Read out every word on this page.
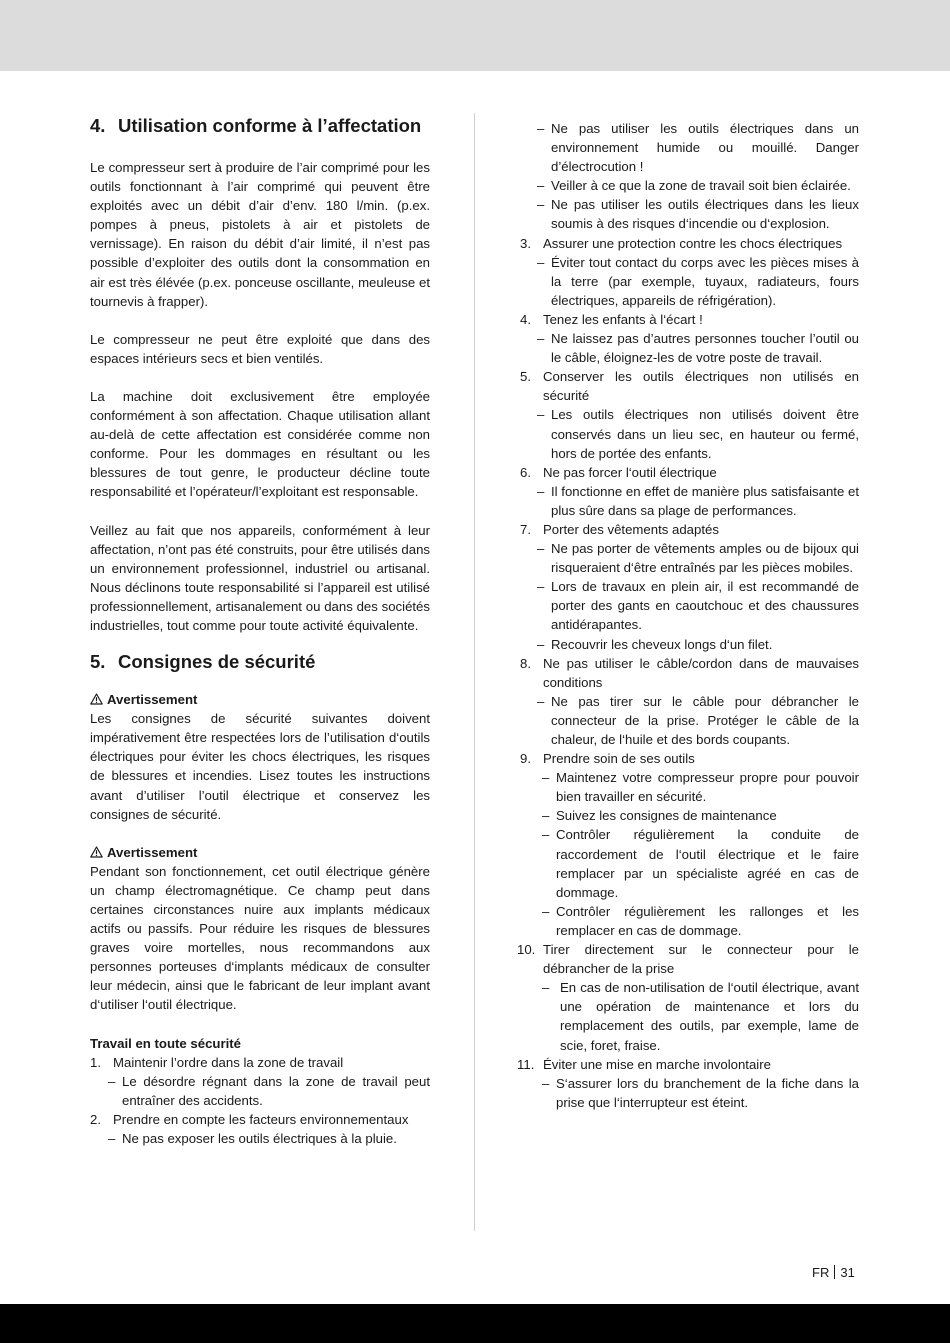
4. Utilisation conforme à l’affectation

Le compresseur sert à produire de l’air comprimé pour les outils fonctionnant à l’air comprimé qui peuvent être exploités avec un débit d’air d’env. 180 l/min. (p.ex. pompes à pneus, pistolets à air et pistolets de vernissage). En raison du débit d’air limité, il n’est pas possible d’exploiter des outils dont la consommation en air est très élévée (p.ex. ponceuse oscillante, meuleuse et tournevis à frapper).

Le compresseur ne peut être exploité que dans des espaces intérieurs secs et bien ventilés.

La machine doit exclusivement être employée conformément à son affectation. Chaque utilisation allant au-delà de cette affectation est considérée comme non conforme. Pour les dommages en résultant ou les blessures de tout genre, le producteur décline toute responsabilité et l’opérateur/l’exploitant est responsable.

Veillez au fait que nos appareils, conformément à leur affectation, n’ont pas été construits, pour être utilisés dans un environnement professionnel, industriel ou artisanal. Nous déclinons toute responsabilité si l’appareil est utilisé professionnellement, artisanalement ou dans des sociétés industrielles, tout comme pour toute activité équivalente.

5. Consignes de sécurité

Avertissement

Les consignes de sécurité suivantes doivent impérativement être respectées lors de l’utilisation d‘outils électriques pour éviter les chocs électriques, les risques de blessures et incendies. Lisez toutes les instructions avant d’utiliser l’outil électrique et conservez les consignes de sécurité.

Avertissement

Pendant son fonctionnement, cet outil électrique génère un champ électromagnétique. Ce champ peut dans certaines circonstances nuire aux implants médicaux actifs ou passifs. Pour réduire les risques de blessures graves voire mortelles, nous recommandons aux personnes porteuses d‘implants médicaux de consulter leur médecin, ainsi que le fabricant de leur implant avant d‘utiliser l‘outil électrique.

Travail en toute sécurité

1. Maintenir l’ordre dans la zone de travail
– Le désordre régnant dans la zone de travail peut entraîner des accidents.
2. Prendre en compte les facteurs environnementaux
– Ne pas exposer les outils électriques à la pluie.
– Ne pas utiliser les outils électriques dans un environnement humide ou mouillé. Danger d’électrocution !
– Veiller à ce que la zone de travail soit bien éclairée.
– Ne pas utiliser les outils électriques dans les lieux soumis à des risques d‘incendie ou d‘explosion.
3. Assurer une protection contre les chocs électriques
– Éviter tout contact du corps avec les pièces mises à la terre (par exemple, tuyaux, radiateurs, fours électriques, appareils de réfrigération).
4. Tenez les enfants à l‘écart !
– Ne laissez pas d’autres personnes toucher l’outil ou le câble, éloignez-les de votre poste de travail.
5. Conserver les outils électriques non utilisés en sécurité
– Les outils électriques non utilisés doivent être conservés dans un lieu sec, en hauteur ou fermé, hors de portée des enfants.
6. Ne pas forcer l‘outil électrique
– Il fonctionne en effet de manière plus satisfaisante et plus sûre dans sa plage de performances.
7. Porter des vêtements adaptés
– Ne pas porter de vêtements amples ou de bijoux qui risqueraient d‘être entraînés par les pièces mobiles.
– Lors de travaux en plein air, il est recommandé de porter des gants en caoutchouc et des chaussures antidérapantes.
– Recouvrir les cheveux longs d‘un filet.
8. Ne pas utiliser le câble/cordon dans de mauvaises conditions
– Ne pas tirer sur le câble pour débrancher le connecteur de la prise. Protéger le câble de la chaleur, de l‘huile et des bords coupants.
9. Prendre soin de ses outils
– Maintenez votre compresseur propre pour pouvoir bien travailler en sécurité.
– Suivez les consignes de maintenance
– Contrôler régulièrement la conduite de raccordement de l‘outil électrique et le faire remplacer par un spécialiste agréé en cas de dommage.
– Contrôler régulièrement les rallonges et les remplacer en cas de dommage.
10. Tirer directement sur le connecteur pour le débrancher de la prise
– En cas de non-utilisation de l‘outil électrique, avant une opération de maintenance et lors du remplacement des outils, par exemple, lame de scie, foret, fraise.
11. Éviter une mise en marche involontaire
– S‘assurer lors du branchement de la fiche dans la prise que l‘interrupteur est éteint.
FR 31
